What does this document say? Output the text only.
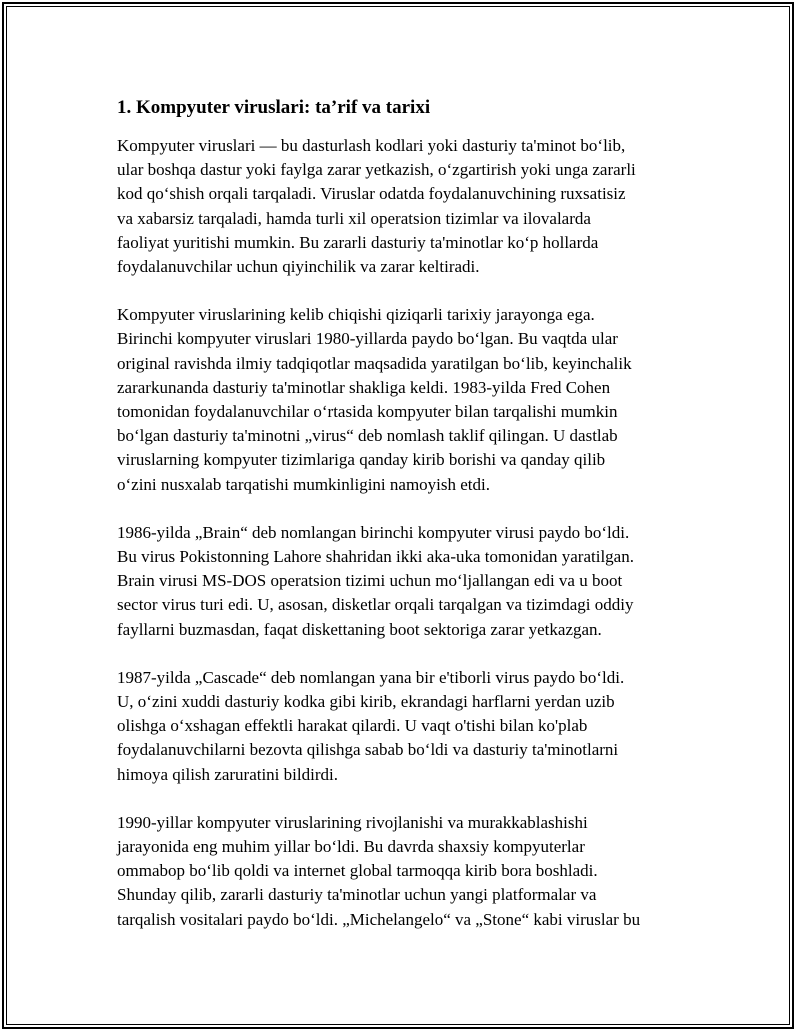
1. Kompyuter viruslari: ta’rif va tarixi

Kompyuter viruslari — bu dasturlash kodlari yoki dasturiy ta'minot bo‘lib,
ular boshqa dastur yoki faylga zarar yetkazish, o‘zgartirish yoki unga zararli
kod qo‘shish orqali tarqaladi. Viruslar odatda foydalanuvchining ruxsatisiz
va xabarsiz tarqaladi, hamda turli xil operatsion tizimlar va ilovalarda
faoliyat yuritishi mumkin. Bu zararli dasturiy ta'minotlar ko‘p hollarda
foydalanuvchilar uchun qiyinchilik va zarar keltiradi.

Kompyuter viruslarining kelib chiqishi qiziqarli tarixiy jarayonga ega.
Birinchi kompyuter viruslari 1980-yillarda paydo bo‘lgan. Bu vaqtda ular
original ravishda ilmiy tadqiqotlar maqsadida yaratilgan bo‘lib, keyinchalik
zararkunanda dasturiy ta'minotlar shakliga keldi. 1983-yilda Fred Cohen
tomonidan foydalanuvchilar o‘rtasida kompyuter bilan tarqalishi mumkin
bo‘lgan dasturiy ta'minotni „virus“ deb nomlash taklif qilingan. U dastlab
viruslarning kompyuter tizimlariga qanday kirib borishi va qanday qilib
o‘zini nusxalab tarqatishi mumkinligini namoyish etdi.

1986-yilda „Brain“ deb nomlangan birinchi kompyuter virusi paydo bo‘ldi.
Bu virus Pokistonning Lahore shahridan ikki aka-uka tomonidan yaratilgan.
Brain virusi MS-DOS operatsion tizimi uchun mo‘ljallangan edi va u boot
sector virus turi edi. U, asosan, disketlar orqali tarqalgan va tizimdagi oddiy
fayllarni buzmasdan, faqat diskettaning boot sektoriga zarar yetkazgan.

1987-yilda „Cascade“ deb nomlangan yana bir e'tiborli virus paydo bo‘ldi.
U, o‘zini xuddi dasturiy kodka gibi kirib, ekrandagi harflarni yerdan uzib
olishga o‘xshagan effektli harakat qilardi. U vaqt o'tishi bilan ko'plab
foydalanuvchilarni bezovta qilishga sabab bo‘ldi va dasturiy ta'minotlarni
himoya qilish zaruratini bildirdi.

1990-yillar kompyuter viruslarining rivojlanishi va murakkablashishi
jarayonida eng muhim yillar bo‘ldi. Bu davrda shaxsiy kompyuterlar
ommabop bo‘lib qoldi va internet global tarmoqqa kirib bora boshladi.
Shunday qilib, zararli dasturiy ta'minotlar uchun yangi platformalar va
tarqalish vositalari paydo bo‘ldi. „Michelangelo“ va „Stone“ kabi viruslar bu
